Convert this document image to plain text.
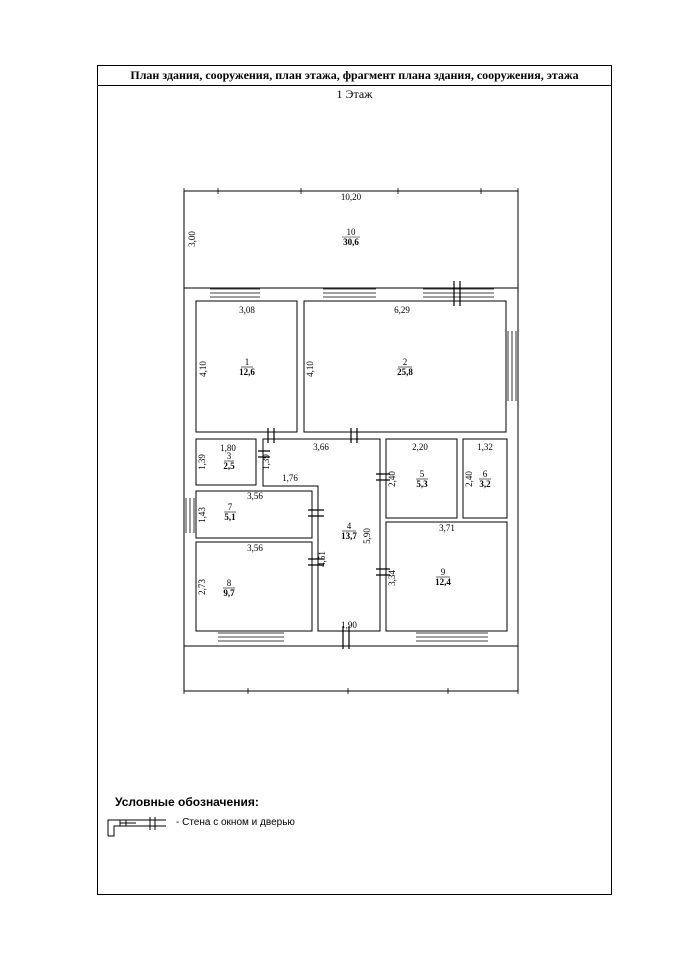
План здания, сооружения, план этажа, фрагмент плана здания, сооружения, этажа
1 Этаж
10
30,6
1
12,6
2
25,8
3
2,5
5
5,3
6
3,2
7
5,1
4
13,7
8
9,7
9
12,4
10,20
3,00
3,08	6,29
4,10	4,10
1,80	3,66	2,20	1,32
1,39	1,39
2,40	2,40
1,76
3,56
1,43
5,90
3,71
3,56
4,51
3,34
2,73
1,90
Условные обозначения:
- Стена с окном и дверью
